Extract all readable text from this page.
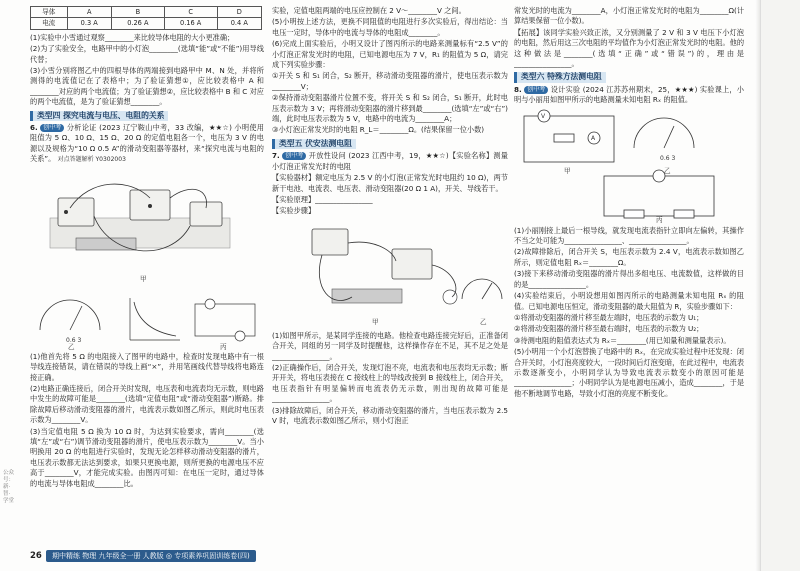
导体	A	B	C	D
电流	0.3 A	0.26 A	0.16 A	0.4 A

(1)实验中小雪通过观察________来比较导体电阻的大小更准确；

(2)为了实验安全，电路甲中的小灯泡________(选填“能”或“不能”)用导线代替；

(3)小雪分别将图乙中的四根导体的两端接到电路甲中 M、N 处，并将所测得的电流值记在了表格中；为了验证猜想①，应比较表格中 A 和________对应的两个电流值；为了验证猜想②，应比较表格中 B 和 C 对应的两个电流值，是为了验证猜想________。

类型四 探究电流与电压、电阻的关系

6. 创中考 分析论证 (2023 辽宁鞍山中考，33 改编，★★☆) 小明使用阻值为 5 Ω、10 Ω、15 Ω、20 Ω 的定值电阻各一个，电压为 3 V 的电源以及规格为“10 Ω 0.5 A”的滑动变阻器等器材，来“探究电流与电阻的关系”。 对点答题解析 Y0302003

甲
0.6 3
乙	丙

(1)他首先将 5 Ω 的电阻接入了图甲的电路中，检查时发现电路中有一根导线连接错误，请在错误的导线上画“×”，并用笔画线代替导线将电路连接正确。

(2)电路正确连接后，闭合开关时发现，电压表和电流表均无示数，则电路中发生的故障可能是________(选填“定值电阻”或“滑动变阻器”)断路。排除故障后移动滑动变阻器的滑片，电流表示数如图乙所示，则此时电压表示数为________V。

(3)当定值电阻 5 Ω 换为 10 Ω 时，为达到实验要求，需向________(选填“左”或“右”)调节滑动变阻器的滑片，使电压表示数为________V。当小明换用 20 Ω 的电阻进行实验时，发现无论怎样移动滑动变阻器的滑片，电压表示数都无法达到要求，如果只更换电源，则所更换的电源电压不应高于________V，才能完成实验。由图丙可知：在电压一定时，通过导体的电流与导体电阻成________比。

实验，定值电阻两端的电压应控制在 2 V～________V 之间。

(5)小明按上述方法，更换不同阻值的电阻进行多次实验后，得出结论：当电压一定时，导体中的电流与导体的电阻成________。

(6)完成上面实验后，小明又设计了图丙所示的电路来测量标有“2.5 V”的小灯泡正常发光时的电阻，已知电源电压为 7 V，R₁ 的阻值为 5 Ω，请完成下列实验步骤：

①开关 S 和 S₁ 闭合，S₂ 断开，移动滑动变阻器的滑片，使电压表示数为________V；

②保持滑动变阻器滑片位置不变，将开关 S 和 S₂ 闭合，S₁ 断开，此时电压表示数为 3 V；再将滑动变阻器的滑片移到最________(选填“左”或“右”)端，此时电压表示数为 5 V，电路中的电流为________A；

③小灯泡正常发光时的电阻 R_L＝________Ω。(结果保留一位小数)

类型五 伏安法测电阻

7. 创中考 开放性设问 (2023 江西中考，19，★★☆)【实验名称】测量小灯泡正常发光时的电阻

【实验器材】额定电压为 2.5 V 的小灯泡(正常发光时电阻约 10 Ω)，两节新干电池、电流表、电压表、滑动变阻器(20 Ω 1 A)，开关、导线若干。

【实验原理】________________

【实验步骤】

甲	乙

(1)如图甲所示，是某同学连接的电路。他检查电路连接完好后，正准备闭合开关，同组的另一同学及时提醒他，这样操作存在不足，其不足之处是________________。

(2)正确操作后，闭合开关，发现灯泡不亮，电流表和电压表均无示数；断开开关，将电压表接在 C 接线柱上的导线改接到 B 接线柱上，闭合开关，电压表指针有明显偏转而电流表仍无示数，则出现的故障可能是________________。

(3)排除故障后，闭合开关，移动滑动变阻器的滑片，当电压表示数为 2.5 V 时，电流表示数如图乙所示，则小灯泡正

常发光时的电流为________A，小灯泡正常发光时的电阻为________Ω(计算结果保留一位小数)。

【拓展】该同学实验兴致正浓，又分别测量了 2 V 和 3 V 电压下小灯泡的电阻，然后用这三次电阻的平均值作为小灯泡正常发光时的电阻。他的这种做法是________(选填“正确”或“错误”)的，理由是________________。

类型六 特殊方法测电阻

8. 创中考 设计实验 (2024 江苏苏州期末，25，★★★) 实验课上，小明与小丽用如图甲所示的电路测量未知电阻 Rₓ 的阻值。

V
A
0.6 3
甲	乙
丙

(1)小丽刚接上最后一根导线，就发现电流表指针立即向左偏转，其操作不当之处可能为________________、________________。

(2)故障排除后，闭合开关 S，电压表示数为 2.4 V，电流表示数如图乙所示，则定值电阻 Rₓ＝________Ω。

(3)接下来移动滑动变阻器的滑片得出多组电压、电流数值，这样做的目的是________________。

(4)实验结束后，小明设想用如图丙所示的电路测量未知电阻 Rₓ 的阻值。已知电源电压恒定，滑动变阻器的最大阻值为 R，实验步骤如下：

①将滑动变阻器的滑片移至最左端时，电压表的示数为 U₁；

②将滑动变阻器的滑片移至最右端时，电压表的示数为 U₂；

③待测电阻的阻值表达式为 Rₓ＝________(用已知量和测量量表示)。

(5)小明用一个小灯泡替换了电路中的 Rₓ，在完成实验过程中还发现：闭合开关时，小灯泡亮度较大，一段时间后灯泡变暗，在此过程中，电流表示数逐渐变小，小明同学认为导致电流表示数变小的原因可能是________________；小明同学认为是电源电压减小，造成________，于是他不断地调节电路，导致小灯泡的亮度不断变化。

26	期中精练 物理 九年级全一册 人教版 ◎ 专项素养巩固训练卷(四)
公众号：新·智·学堂
